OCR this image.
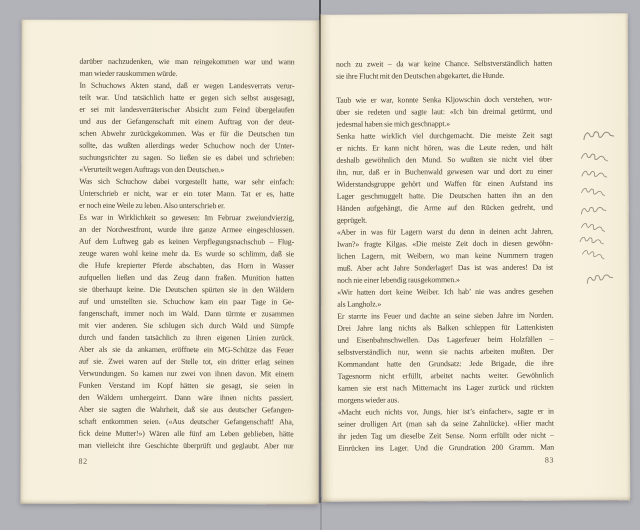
darüber nachzudenken, wie man reingekommen war und wann
man wieder rauskommen würde.
In Schuchows Akten stand, daß er wegen Landesverrats verur-
teilt war. Und tatsächlich hatte er gegen sich selbst ausgesagt,
er sei mit landesverräterischer Absicht zum Feind übergelaufen
und aus der Gefangenschaft mit einem Auftrag von der deut-
schen Abwehr zurückgekommen. Was er für die Deutschen tun
sollte, das wußten allerdings weder Schuchow noch der Unter-
suchungsrichter zu sagen. So ließen sie es dabei und schrieben:
«Verurteilt wegen Auftrags von den Deutschen.»
Was sich Schuchow dabei vorgestellt hatte, war sehr einfach:
Unterschrieb er nicht, war er ein toter Mann. Tat er es, hatte
er noch eine Weile zu leben. Also unterschrieb er.
Es war in Wirklichkeit so gewesen: Im Februar zweiundvierzig,
an der Nordwestfront, wurde ihre ganze Armee eingeschlossen.
Auf dem Luftweg gab es keinen Verpflegungsnachschub – Flug-
zeuge waren wohl keine mehr da. Es wurde so schlimm, daß sie
die Hufe krepierter Pferde abschabten, das Horn in Wasser
aufquellen ließen und das Zeug dann fraßen. Munition hatten
sie überhaupt keine. Die Deutschen spürten sie in den Wäldern
auf und umstellten sie. Schuchow kam ein paar Tage in Ge-
fangenschaft, immer noch im Wald. Dann türmte er zusammen
mit vier anderen. Sie schlugen sich durch Wald und Sümpfe
durch und fanden tatsächlich zu ihren eigenen Linien zurück.
Aber als sie da ankamen, eröffnete ein MG-Schütze das Feuer
auf sie. Zwei waren auf der Stelle tot, ein dritter erlag seinen
Verwundungen. So kamen nur zwei von ihnen davon. Mit einem
Funken Verstand im Kopf hätten sie gesagt, sie seien in
den Wäldern umhergeirrt. Dann wäre ihnen nichts passiert.
Aber sie sagten die Wahrheit, daß sie aus deutscher Gefangen-
schaft entkommen seien. («Aus deutscher Gefangenschaft! Aha,
fick deine Mutter!») Wären alle fünf am Leben geblieben, hätte
man vielleicht ihre Geschichte überprüft und geglaubt. Aber nur
82
noch zu zweit – da war keine Chance. Selbstverständlich hatten
sie ihre Flucht mit den Deutschen abgekartet, die Hunde.
Taub wie er war, konnte Senka Kljowschin doch verstehen, wor-
über sie redeten und sagte laut: «Ich bin dreimal getürmt, und
jedesmal haben sie mich geschnappt.»
Senka hatte wirklich viel durchgemacht. Die meiste Zeit sagt
er nichts. Er kann nicht hören, was die Leute reden, und hält
deshalb gewöhnlich den Mund. So wußten sie nicht viel über
ihn, nur, daß er in Buchenwald gewesen war und dort zu einer
Widerstandsgruppe gehört und Waffen für einen Aufstand ins
Lager geschmuggelt hatte. Die Deutschen hatten ihn an den
Händen aufgehängt, die Arme auf den Rücken gedreht, und
geprügelt.
«Aber in was für Lagern warst du denn in deinen acht Jahren,
Iwan?» fragte Kilgas. «Die meiste Zeit doch in diesen gewöhn-
lichen Lagern, mit Weibern, wo man keine Nummern tragen
muß. Aber acht Jahre Sonderlager! Das ist was anderes! Da ist
noch nie einer lebendig rausgekommen.»
«Wir hatten dort keine Weiber. Ich hab’ nie was andres gesehen
als Langholz.»
Er starrte ins Feuer und dachte an seine sieben Jahre im Norden.
Drei Jahre lang nichts als Balken schleppen für Lattenkisten
und Eisenbahnschwellen. Das Lagerfeuer beim Holzfällen –
selbstverständlich nur, wenn sie nachts arbeiten mußten. Der
Kommandant hatte den Grundsatz: Jede Brigade, die ihre
Tagesnorm nicht erfüllt, arbeitet nachts weiter. Gewöhnlich
kamen sie erst nach Mitternacht ins Lager zurück und rückten
morgens wieder aus.
«Macht euch nichts vor, Jungs, hier ist’s einfacher», sagte er in
seiner drolligen Art (man sah da seine Zahnlücke). «Hier macht
ihr jeden Tag um dieselbe Zeit Sense. Norm erfüllt oder nicht –
Einrücken ins Lager. Und die Grundration 200 Gramm. Man
83
